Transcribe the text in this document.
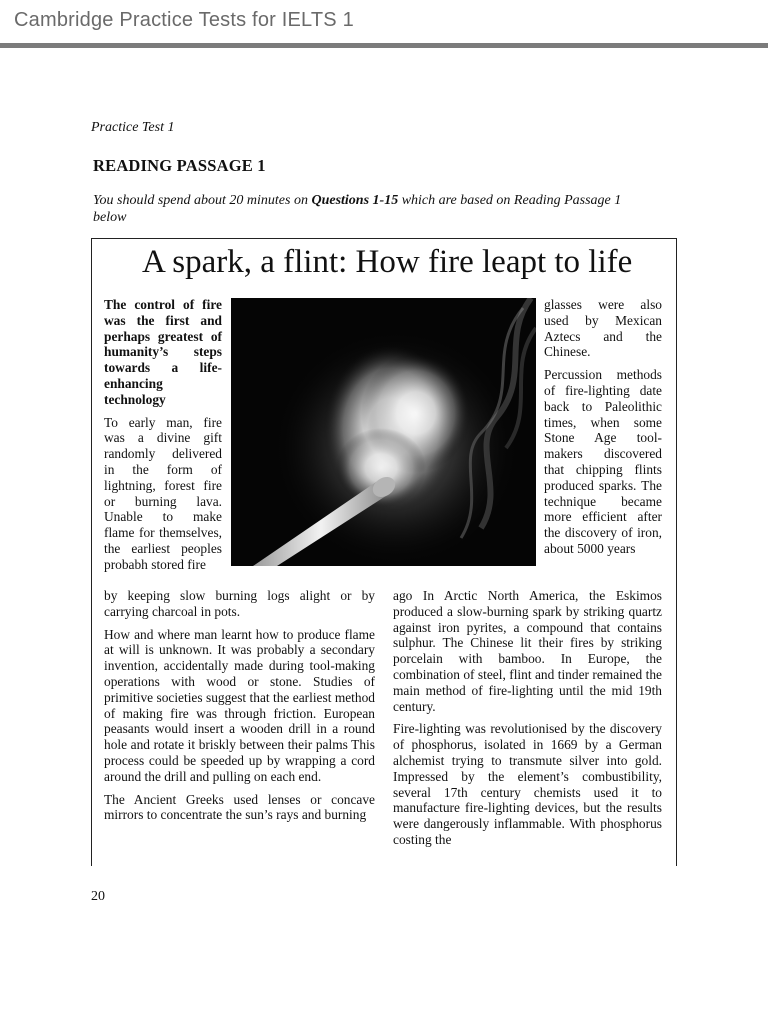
Cambridge Practice Tests for IELTS 1
Practice Test 1
READING PASSAGE 1
You should spend about 20 minutes on Questions 1-15 which are based on Reading Passage 1 below
A spark, a flint: How fire leapt to life

The control of fire was the first and perhaps greatest of humanity’s steps towards a life-enhancing technology

To early man, fire was a divine gift randomly delivered in the form of lightning, forest fire or burning lava. Unable to make flame for themselves, the earliest peoples probabh stored fire

glasses were also used by Mexican Aztecs and the Chinese.

Percussion methods of fire-lighting date back to Paleolithic times, when some Stone Age tool-makers discovered that chipping flints produced sparks. The technique became more efficient after the discovery of iron, about 5000 years

by keeping slow burning logs alight or by carrying charcoal in pots.

How and where man learnt how to produce flame at will is unknown. It was probably a secondary invention, accidentally made during tool-making operations with wood or stone. Studies of primitive societies suggest that the earliest method of making fire was through friction. European peasants would insert a wooden drill in a round hole and rotate it briskly between their palms This process could be speeded up by wrapping a cord around the drill and pulling on each end.

The Ancient Greeks used lenses or concave mirrors to concentrate the sun’s rays and burning

ago In Arctic North America, the Eskimos produced a slow-burning spark by striking quartz against iron pyrites, a compound that contains sulphur. The Chinese lit their fires by striking porcelain with bamboo. In Europe, the combination of steel, flint and tinder remained the main method of fire-lighting until the mid 19th century.

Fire-lighting was revolutionised by the discovery of phosphorus, isolated in 1669 by a German alchemist trying to transmute silver into gold. Impressed by the element’s combustibility, several 17th century chemists used it to manufacture fire-lighting devices, but the results were dangerously inflammable. With phosphorus costing the

20
